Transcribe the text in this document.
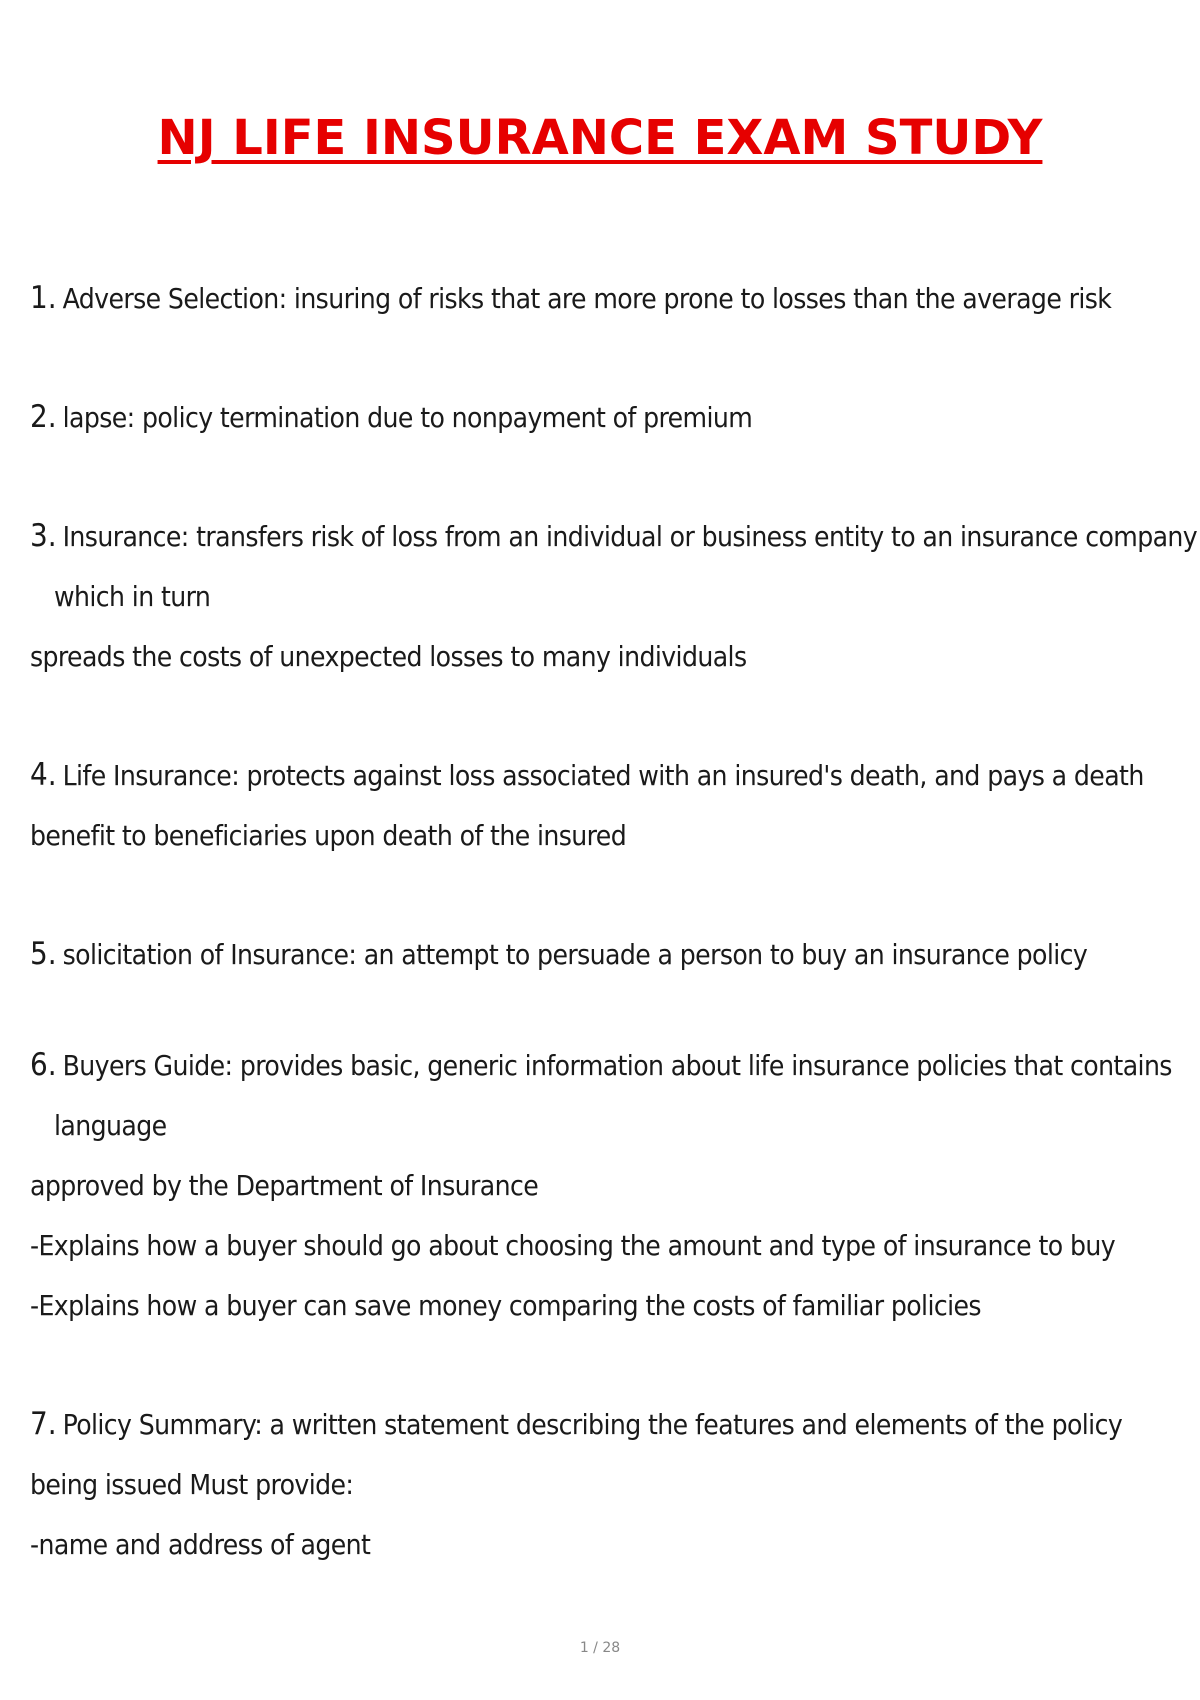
NJ LIFE INSURANCE EXAM STUDY
1. Adverse Selection: insuring of risks that are more prone to losses than the average risk
2. lapse: policy termination due to nonpayment of premium
3. Insurance: transfers risk of loss from an individual or business entity to an insurance company
which in turn
spreads the costs of unexpected losses to many individuals
4. Life Insurance: protects against loss associated with an insured's death, and pays a death
benefit to beneficiaries upon death of the insured
5. solicitation of Insurance: an attempt to persuade a person to buy an insurance policy
6. Buyers Guide: provides basic, generic information about life insurance policies that contains
language
approved by the Department of Insurance
-Explains how a buyer should go about choosing the amount and type of insurance to buy
-Explains how a buyer can save money comparing the costs of familiar policies
7. Policy Summary: a written statement describing the features and elements of the policy
being issued Must provide:
-name and address of agent
1 / 28
